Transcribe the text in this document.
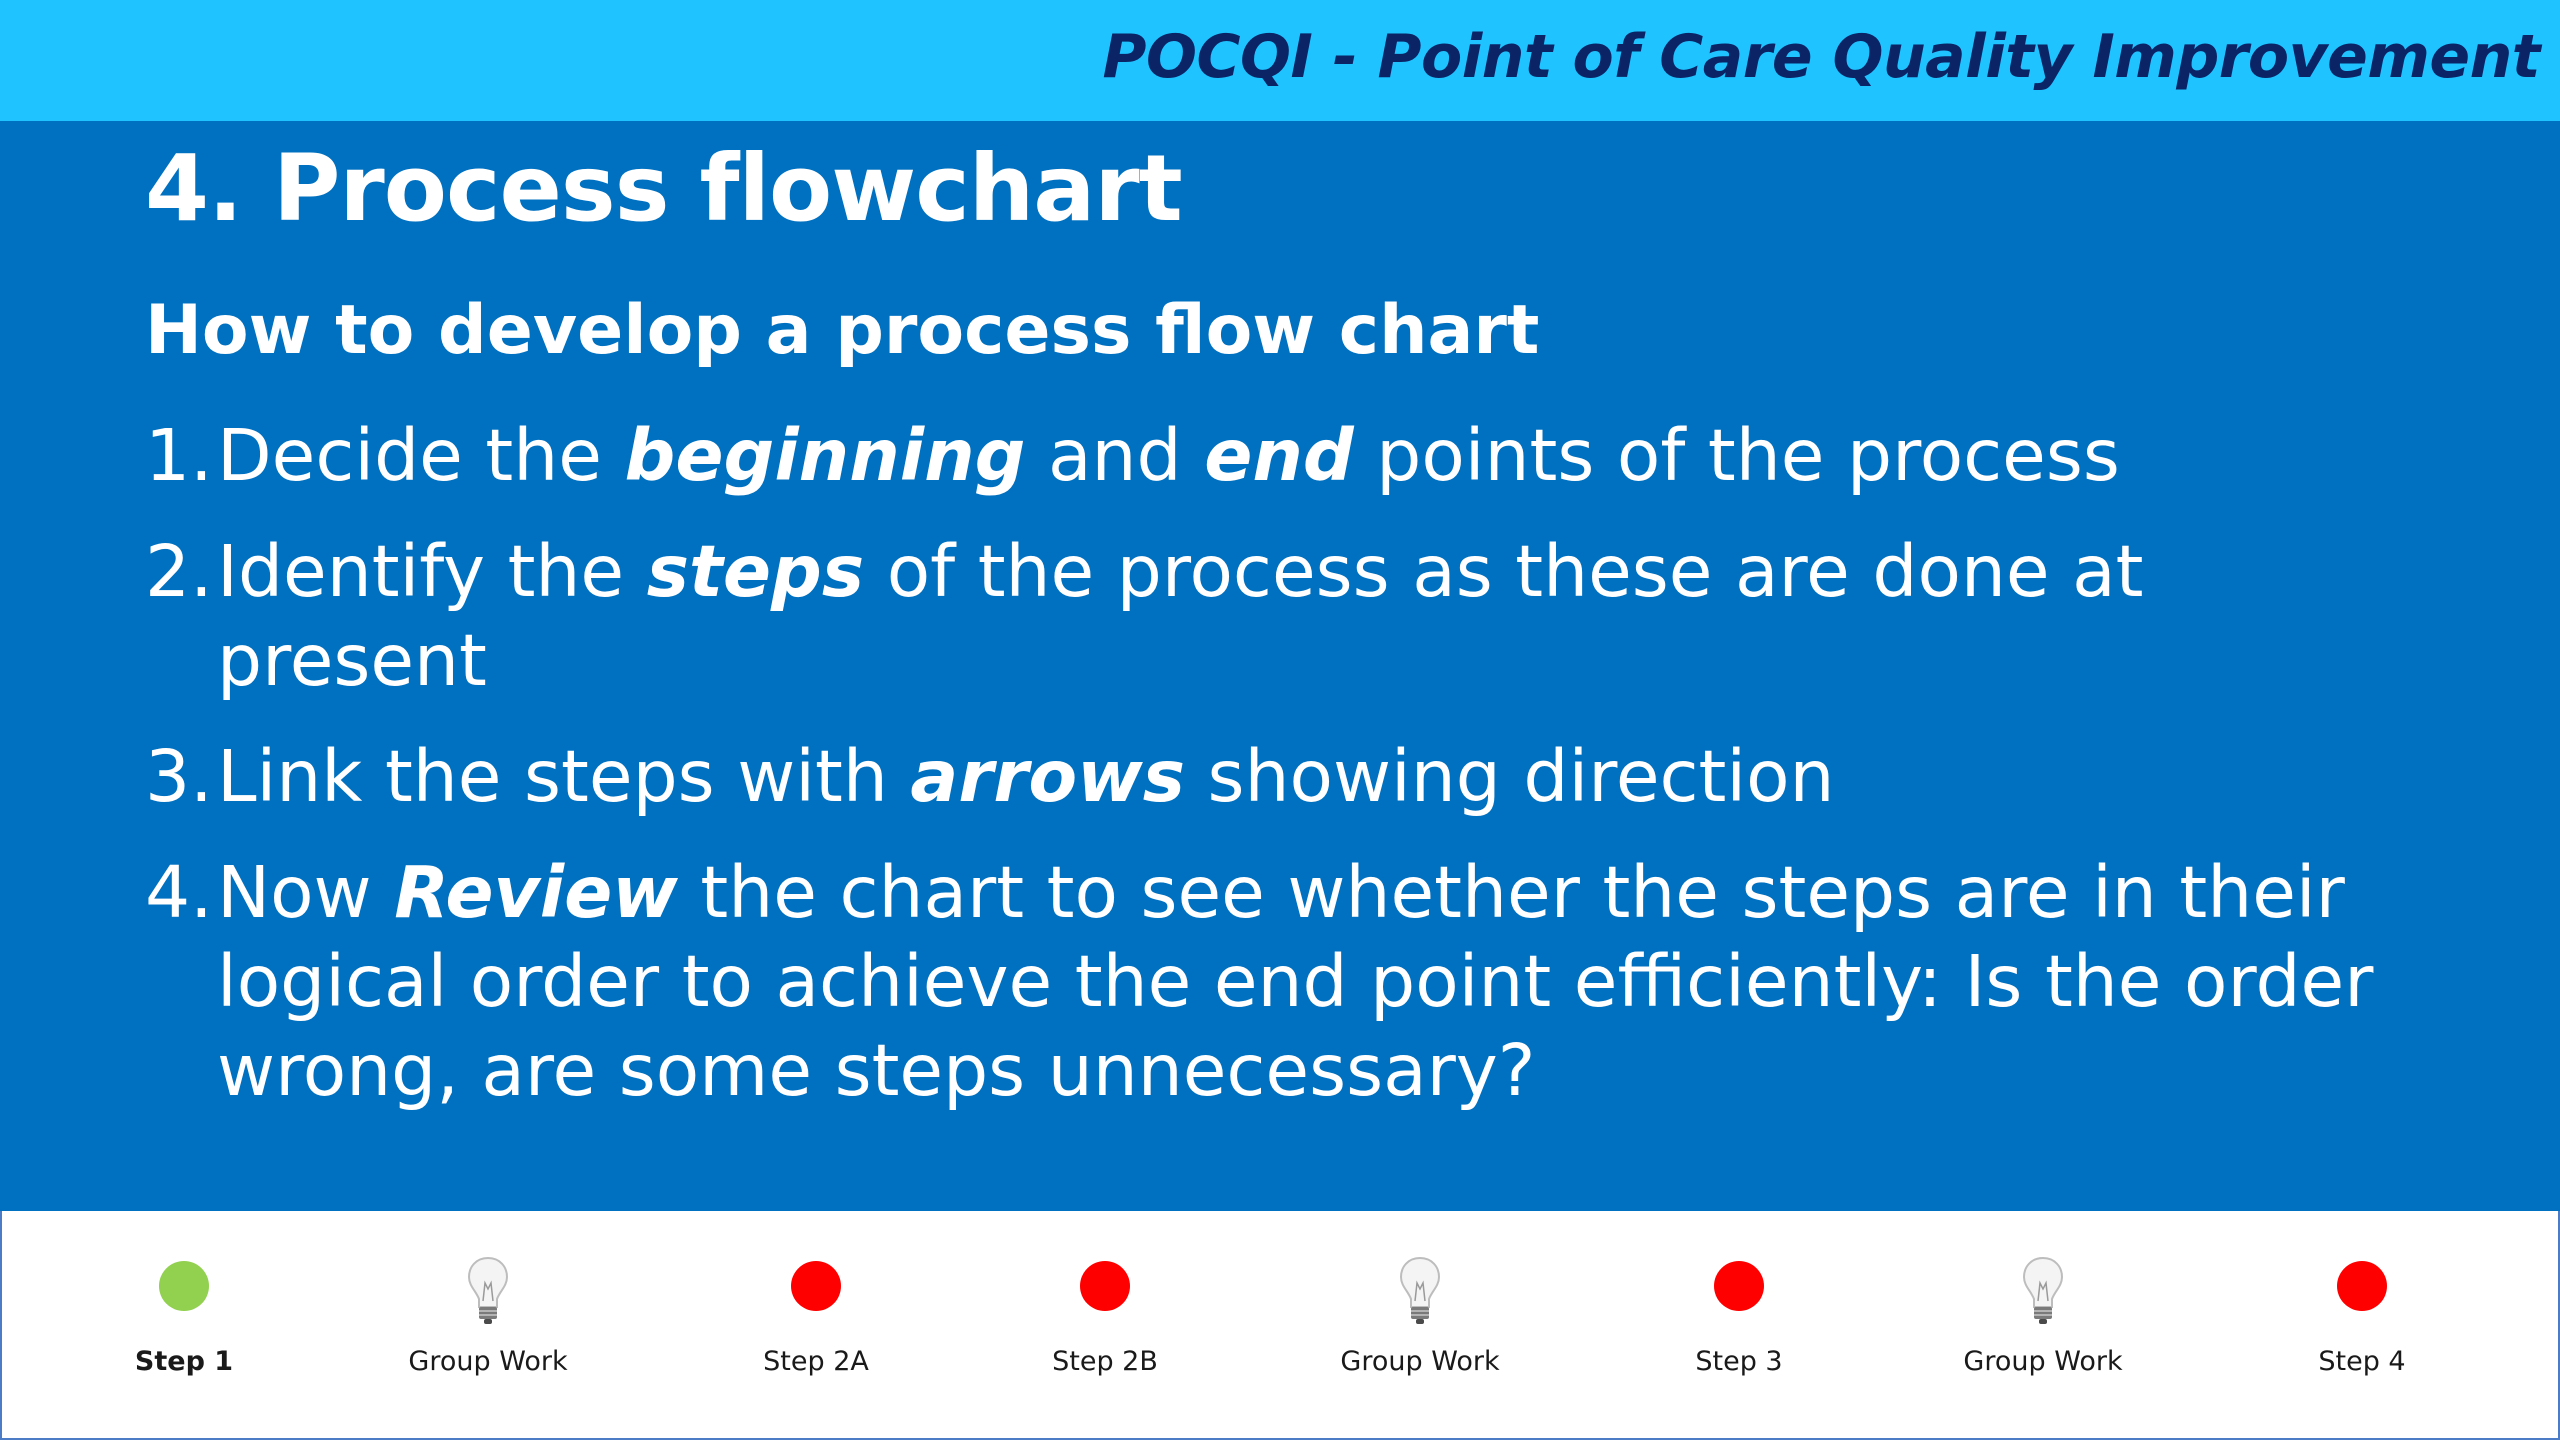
POCQI - Point of Care Quality Improvement
4. Process flowchart
How to develop a process flow chart
1. Decide the beginning and end points of the process
2. Identify the steps of the process as these are done at present
3. Link the steps with arrows showing direction
4. Now Review the chart to see whether the steps are in their logical order to achieve the end point efficiently: Is the order wrong, are some steps unnecessary?
Step 1	Group Work	Step 2A	Step 2B	Group Work	Step 3	Group Work	Step 4
